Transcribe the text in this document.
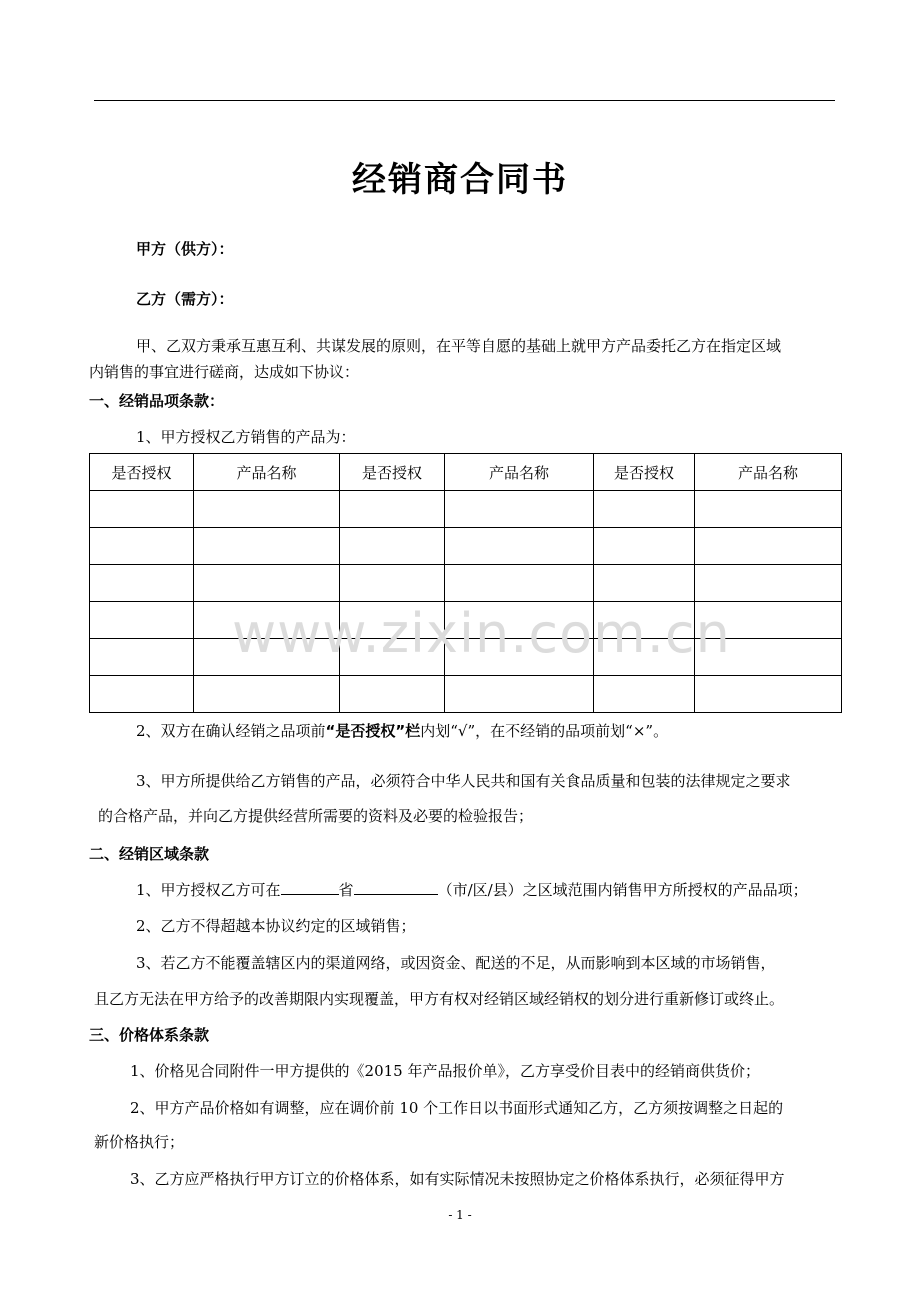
经销商合同书
甲方（供方）：
乙方（需方）：
甲、乙双方秉承互惠互利、共谋发展的原则，在平等自愿的基础上就甲方产品委托乙方在指定区域
内销售的事宜进行磋商，达成如下协议：
一、经销品项条款：
1、甲方授权乙方销售的产品为：
是否授权	产品名称	是否授权	产品名称	是否授权	产品名称

www.zixin.com.cn
2、双方在确认经销之品项前“是否授权”栏内划“√”，在不经销的品项前划“×”。
3、甲方所提供给乙方销售的产品，必须符合中华人民共和国有关食品质量和包装的法律规定之要求
的合格产品，并向乙方提供经营所需要的资料及必要的检验报告；
二、经销区域条款
1、甲方授权乙方可在	省	（市/区/县）之区域范围内销售甲方所授权的产品品项；
2、乙方不得超越本协议约定的区域销售；
3、若乙方不能覆盖辖区内的渠道网络，或因资金、配送的不足，从而影响到本区域的市场销售，
且乙方无法在甲方给予的改善期限内实现覆盖，甲方有权对经销区域经销权的划分进行重新修订或终止。
三、价格体系条款
1、价格见合同附件一甲方提供的《2015 年产品报价单》，乙方享受价目表中的经销商供货价；
2、甲方产品价格如有调整，应在调价前 10 个工作日以书面形式通知乙方，乙方须按调整之日起的
新价格执行；
3、乙方应严格执行甲方订立的价格体系，如有实际情况未按照协定之价格体系执行，必须征得甲方
- 1 -
